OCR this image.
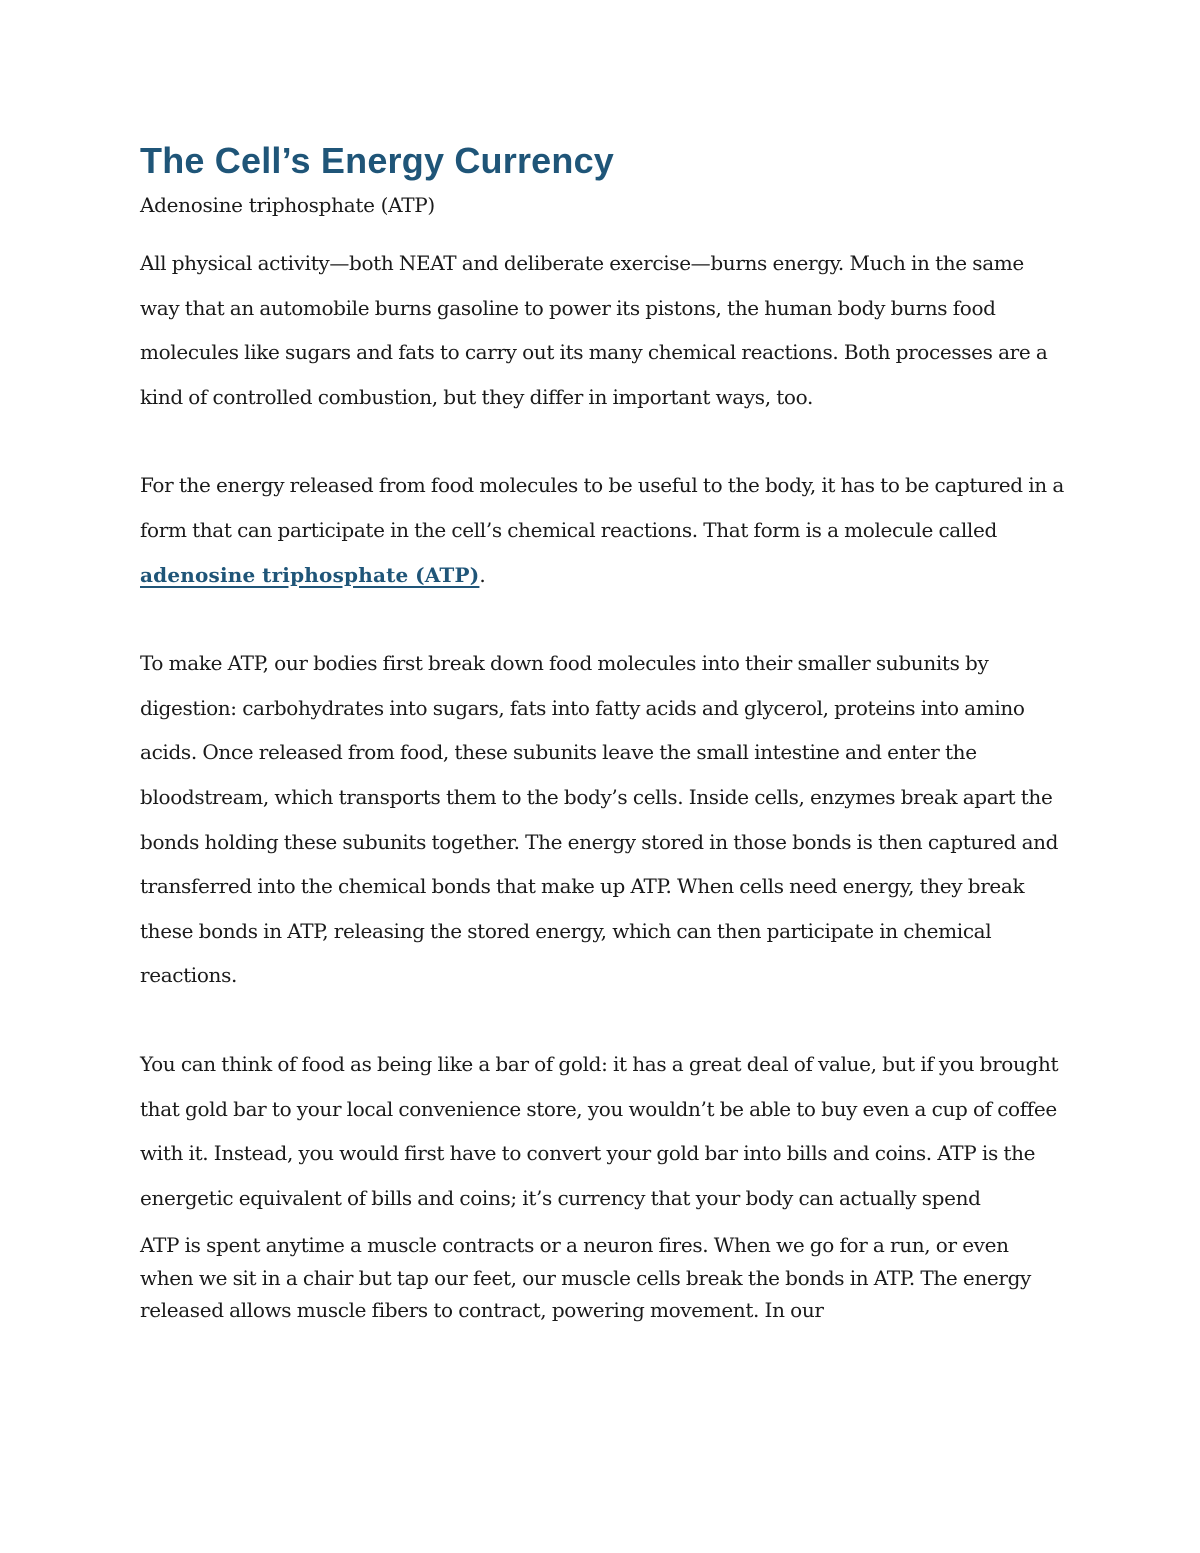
The Cell’s Energy Currency

Adenosine triphosphate (ATP)

All physical activity—both NEAT and deliberate exercise—burns energy. Much in the same way that an automobile burns gasoline to power its pistons, the human body burns food molecules like sugars and fats to carry out its many chemical reactions. Both processes are a kind of controlled combustion, but they differ in important ways, too.

For the energy released from food molecules to be useful to the body, it has to be captured in a form that can participate in the cell’s chemical reactions. That form is a molecule called adenosine triphosphate (ATP).

To make ATP, our bodies first break down food molecules into their smaller subunits by digestion: carbohydrates into sugars, fats into fatty acids and glycerol, proteins into amino acids. Once released from food, these subunits leave the small intestine and enter the bloodstream, which transports them to the body’s cells. Inside cells, enzymes break apart the bonds holding these subunits together. The energy stored in those bonds is then captured and transferred into the chemical bonds that make up ATP. When cells need energy, they break these bonds in ATP, releasing the stored energy, which can then participate in chemical reactions.

You can think of food as being like a bar of gold: it has a great deal of value, but if you brought that gold bar to your local convenience store, you wouldn’t be able to buy even a cup of coffee with it. Instead, you would first have to convert your gold bar into bills and coins. ATP is the energetic equivalent of bills and coins; it’s currency that your body can actually spend

ATP is spent anytime a muscle contracts or a neuron fires. When we go for a run, or even when we sit in a chair but tap our feet, our muscle cells break the bonds in ATP. The energy released allows muscle fibers to contract, powering movement. In our
